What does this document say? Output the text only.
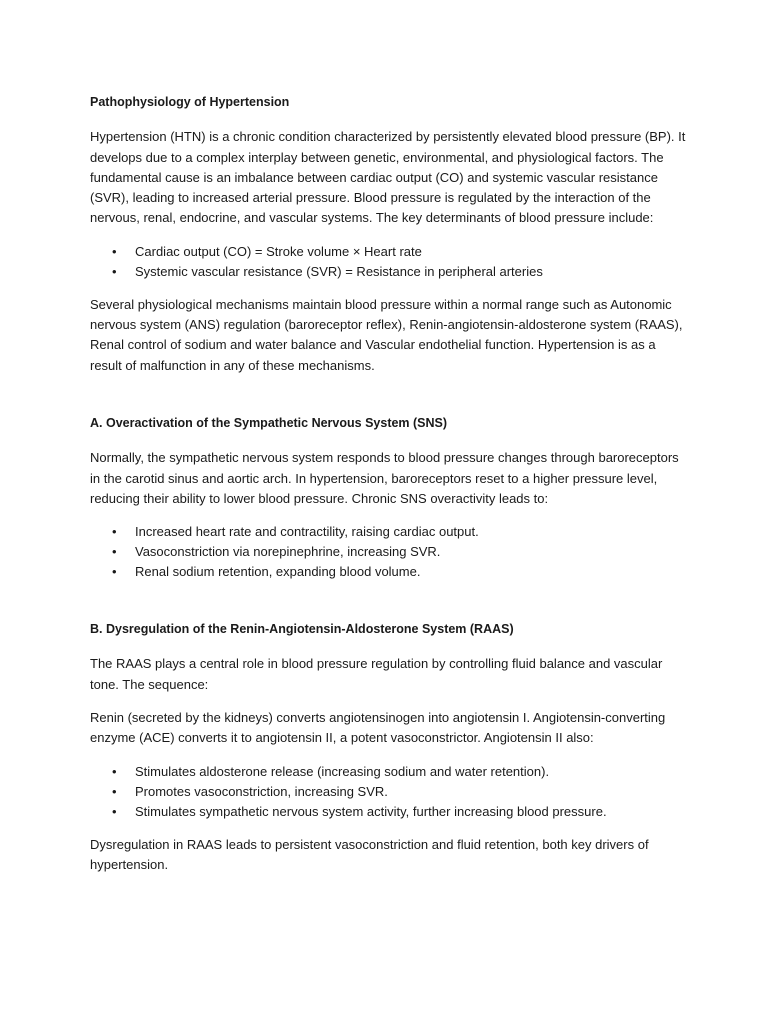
Pathophysiology of Hypertension

Hypertension (HTN) is a chronic condition characterized by persistently elevated blood pressure (BP). It develops due to a complex interplay between genetic, environmental, and physiological factors. The fundamental cause is an imbalance between cardiac output (CO) and systemic vascular resistance (SVR), leading to increased arterial pressure. Blood pressure is regulated by the interaction of the nervous, renal, endocrine, and vascular systems. The key determinants of blood pressure include:

• Cardiac output (CO) = Stroke volume × Heart rate
• Systemic vascular resistance (SVR) = Resistance in peripheral arteries

Several physiological mechanisms maintain blood pressure within a normal range such as Autonomic nervous system (ANS) regulation (baroreceptor reflex), Renin-angiotensin-aldosterone system (RAAS), Renal control of sodium and water balance and Vascular endothelial function. Hypertension is as a result of malfunction in any of these mechanisms.

A. Overactivation of the Sympathetic Nervous System (SNS)

Normally, the sympathetic nervous system responds to blood pressure changes through baroreceptors in the carotid sinus and aortic arch. In hypertension, baroreceptors reset to a higher pressure level, reducing their ability to lower blood pressure. Chronic SNS overactivity leads to:

• Increased heart rate and contractility, raising cardiac output.
• Vasoconstriction via norepinephrine, increasing SVR.
• Renal sodium retention, expanding blood volume.
B. Dysregulation of the Renin-Angiotensin-Aldosterone System (RAAS)

The RAAS plays a central role in blood pressure regulation by controlling fluid balance and vascular tone. The sequence:

Renin (secreted by the kidneys) converts angiotensinogen into angiotensin I. Angiotensin-converting enzyme (ACE) converts it to angiotensin II, a potent vasoconstrictor. Angiotensin II also:

• Stimulates aldosterone release (increasing sodium and water retention).
• Promotes vasoconstriction, increasing SVR.
• Stimulates sympathetic nervous system activity, further increasing blood pressure.

Dysregulation in RAAS leads to persistent vasoconstriction and fluid retention, both key drivers of hypertension.
